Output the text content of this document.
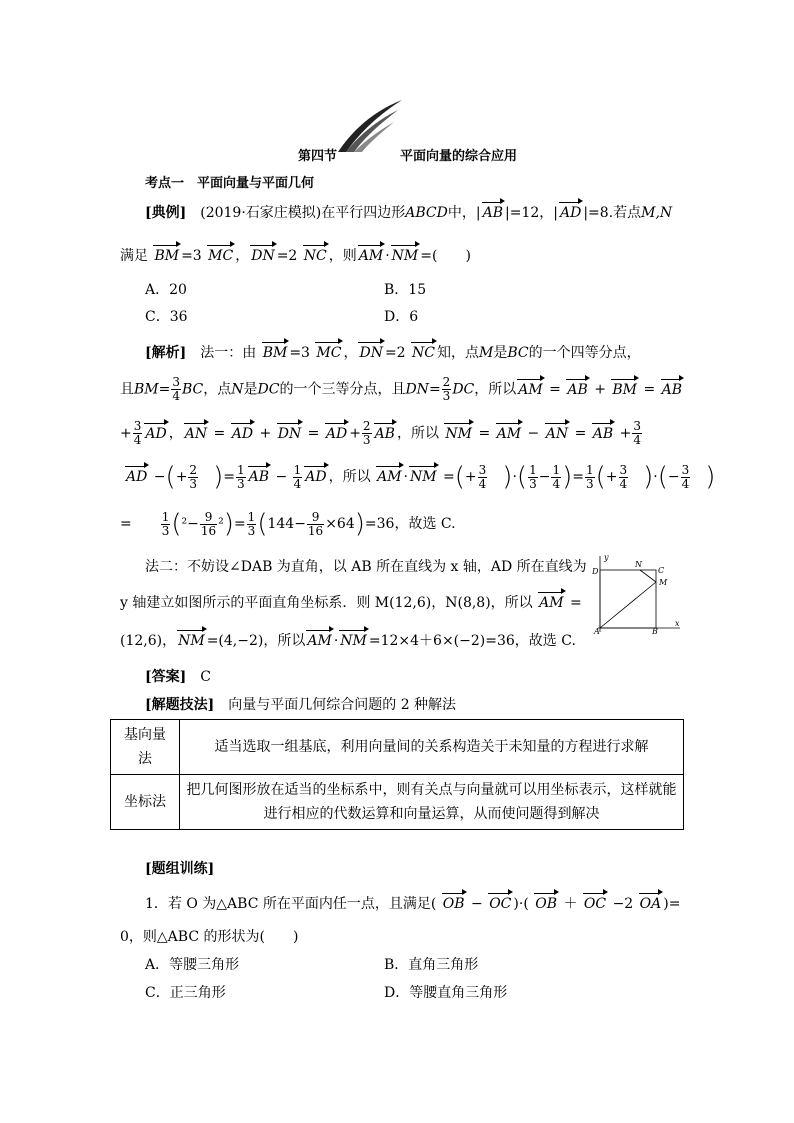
第四节	平面向量的综合应用
考点一　平面向量与平面几何
[典例]　 (2019·石家庄模拟)在平行四边形ABCD中，| AB |=12，| AD |=8.若点M,N
满足 BM =3 MC ， DN =2 NC ，则 AM · NM =(　　)
A．20	B．15
C．36	D．6
[解析]　 法一：由 BM =3 MC ， DN =2 NC 知，点M是BC的一个四等分点，
且$BM= \frac{3}{4}$ BC，点N是DC的一个三等分点，且$DN= \frac{2}{3}$ DC，所以 AM = AB + BM = AB
+ $\frac{3}{4}$ AD ， AN = AD + DN = AD + $\frac{2}{3}$ AB ，所以 NM = AM − AN = AB + $\frac{3}{4}$
AD −(+ $\frac{2}{3}$
　 )= $\frac{1}{3}$ AB − $\frac{1}{4}$ AD ，所以 AM · NM =(+ $\frac{3}{4}$
　 )·( $\frac{1}{3} - \frac{1}{4}$ )= $\frac{1}{3}$ (+ $\frac{3}{4}$
　 )·(− $\frac{3}{4}$
　 )
=　　 $\frac{1}{3} (^2- \frac{9}{16} ^2)= \frac{1}{3} (144- \frac{9}{16} \times 64)=36$，故选 C.
法二：不妨设∠DAB 为直角，以 AB 所在直线为 x 轴，AD 所在直线为
y 轴建立如图所示的平面直角坐标系．则 M(12,6)，N(8,8)，所以 AM =
(12,6)， NM =(4,−2)，所以 AM · NM =12×4＋6×(−2)=36，故选 C.
y
x
D
N
C
M
A	B
[答案]　 C
[解题技法]　 向量与平面几何综合问题的 2 种解法
基向量
法	适当选取一组基底，利用向量间的关系构造关于未知量的方程进行求解
坐标法	把几何图形放在适当的坐标系中，则有关点与向量就可以用坐标表示，这样就能
进行相应的代数运算和向量运算，从而使问题得到解决
[题组训练]
1．若 O 为△ABC 所在平面内任一点，且满足( OB − OC )·( OB ＋ OC −2 OA )=
0，则△ABC 的形状为(　　)
A．等腰三角形	B．直角三角形
C．正三角形	D．等腰直角三角形
